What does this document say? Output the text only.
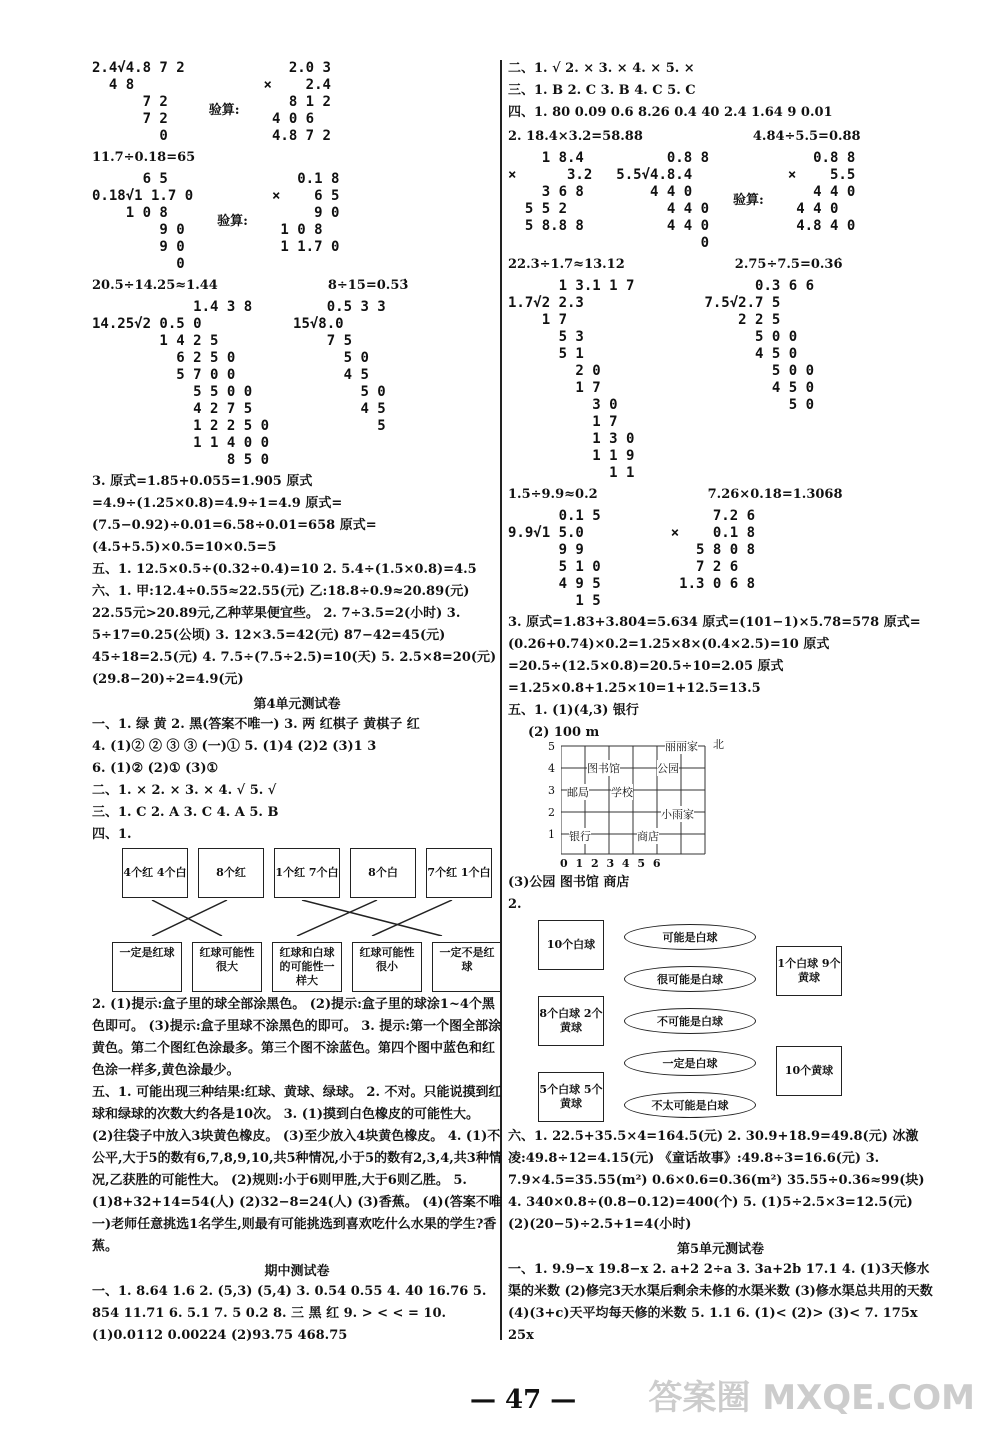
2.4√4.8 7 2
4 8
7 2
7 2
0
验算:
2.0 3
×    2.4
8 1 2
4 0 6
4.8 7 2

11.7÷0.18=65

6 5
0.18√1 1.7 0
1 0 8
9 0
9 0
0
验算:
0.1 8
×    6 5
9 0
1 0 8
1 1.7 0
20.5÷14.25≈1.44	8÷15=0.53̇
1.4 3 8
14.25√2 0.5 0
1 4 2 5
6 2 5 0
5 7 0 0
5 5 0 0
4 2 7 5
1 2 2 5 0
1 1 4 0 0
8 5 0
0.5 3 3
15√8.0
7 5
5 0
4 5
5 0
4 5
5

3. 原式=1.85+0.055=1.905 原式=4.9÷(1.25×0.8)=4.9÷1=4.9 原式=(7.5−0.92)÷0.01=6.58÷0.01=658 原式=(4.5+5.5)×0.5=10×0.5=5

五、1. 12.5×0.5÷(0.32÷0.4)=10 2. 5.4÷(1.5×0.8)=4.5

六、1. 甲:12.4÷0.55≈22.55(元) 乙:18.8÷0.9≈20.89(元) 22.55元>20.89元,乙种苹果便宜些。 2. 7÷3.5=2(小时) 3. 5÷17=0.25(公顷) 3. 12×3.5=42(元) 87−42=45(元) 45÷18=2.5(元) 4. 7.5÷(7.5÷2.5)=10(天) 5. 2.5×8=20(元) (29.8−20)÷2=4.9(元)

第4单元测试卷

一、1. 绿 黄 2. 黑(答案不唯一) 3. 两 红棋子 黄棋子 红

4. (1)② ② ③ ③ (一)① 5. (1)4 (2)2 (3)1 3

6. (1)② (2)① (3)①

二、1. × 2. × 3. × 4. √ 5. √

三、1. C 2. A 3. C 4. A 5. B

四、1.

4个红 4个白	8个红	1个红 7个白	8个白	7个红 1个白
一定是红球	红球可能性很大
红球和白球的可能性一样大
红球可能性很小
一定不是红球

2. (1)提示:盒子里的球全部涂黑色。 (2)提示:盒子里的球涂1~4个黑色即可。 (3)提示:盒子里球不涂黑色的即可。 3. 提示:第一个图全部涂黄色。第二个图红色涂最多。第三个图不涂蓝色。第四个图中蓝色和红色涂一样多,黄色涂最少。

五、1. 可能出现三种结果:红球、黄球、绿球。 2. 不对。只能说摸到红球和绿球的次数大约各是10次。 3. (1)摸到白色橡皮的可能性大。 (2)往袋子中放入3块黄色橡皮。 (3)至少放入4块黄色橡皮。 4. (1)不公平,大于5的数有6,7,8,9,10,共5种情况,小于5的数有2,3,4,共3种情况,乙获胜的可能性大。 (2)规则:小于6则甲胜,大于6则乙胜。 5. (1)8+32+14=54(人) (2)32−8=24(人) (3)香蕉。 (4)(答案不唯一)老师任意挑选1名学生,则最有可能挑选到喜欢吃什么水果的学生?香蕉。

期中测试卷

一、1. 8.64 1.6 2. (5,3) (5,4) 3. 0.54 0.55 4. 4̇0 16.76 5. 854 11.71 6. 5.1 7. 5 0.2 8. 三 黑 红 9. > < < = 10. (1)0.0112 0.00224 (2)93.75 468.75

二、1. √ 2. × 3. × 4. × 5. ×

三、1. B 2. C 3. B 4. C 5. C

四、1. 80 0.09 0.6 8.26 0.4 40 2.4 1.64 9 0.01

2. 18.4×3.2=58.88	4.84÷5.5=0.88
1 8.4
×      3.2
3 6 8
5 5 2
5 8.8 8
0.8 8
5.5√4.8.4
4 4 0
4 4 0
4 4 0
0
验算:
0.8 8
×    5.5
4 4 0
4 4 0
4.8 4 0
22.3÷1.7≈13.12	2.75÷7.5=0.36̇
1 3.1 1 7
1.7√2 2.3
1 7
5 3
5 1
2 0
1 7
3 0
1 7
1 3 0
1 1 9
1 1
0.3 6 6
7.5√2.7 5
2 2 5
5 0 0
4 5 0
5 0 0
4 5 0
5 0
1.5÷9.9≈0.2	7.26×0.18=1.3068
0.1 5
9.9√1 5.0
9 9
5 1 0
4 9 5
1 5
7.2 6
×    0.1 8
5 8 0 8
7 2 6
1.3 0 6 8

3. 原式=1.83+3.804=5.634 原式=(101−1)×5.78=578 原式=(0.26+0.74)×0.2=1.25×8×(0.4×2.5)=10 原式=20.5÷(12.5×0.8)=20.5÷10=2.05 原式=1.25×0.8+1.25×10=1+12.5=13.5

五、1. (1)(4,3) 银行

(2) 100 m

5
4
3
2
1
图书馆
丽丽家
公园
邮局 学校
小雨家
银行	商店
北

0 1 2 3 4 5 6

(3)公园 图书馆 商店

2.

10个白球
8个白球 2个黄球
5个白球 5个黄球
可能是白球
很可能是白球
不可能是白球
一定是白球
不太可能是白球
1个白球 9个黄球
10个黄球

六、1. 22.5+35.5×4=164.5(元) 2. 30.9+18.9=49.8(元) 冰激凌:49.8÷12=4.15(元) 《童话故事》:49.8÷3=16.6(元) 3. 7.9×4.5=35.55(m²) 0.6×0.6=0.36(m²) 35.55÷0.36≈99(块) 4. 340×0.8÷(0.8−0.12)=400(个) 5. (1)5÷2.5×3=12.5(元) (2)(20−5)÷2.5+1=4(小时)

第5单元测试卷

一、1. 9.9−x 19.8−x 2. a+2 2÷a 3. 3a+2b 17.1 4. (1)3天修水渠的米数 (2)修完3天水渠后剩余未修的水渠米数 (3)修水渠总共用的天数 (4)(3+c)天平均每天修的米数 5. 1.1 6. (1)< (2)> (3)< 7. 175x 25x

— 47 — 答案圈 MXQE.COM
